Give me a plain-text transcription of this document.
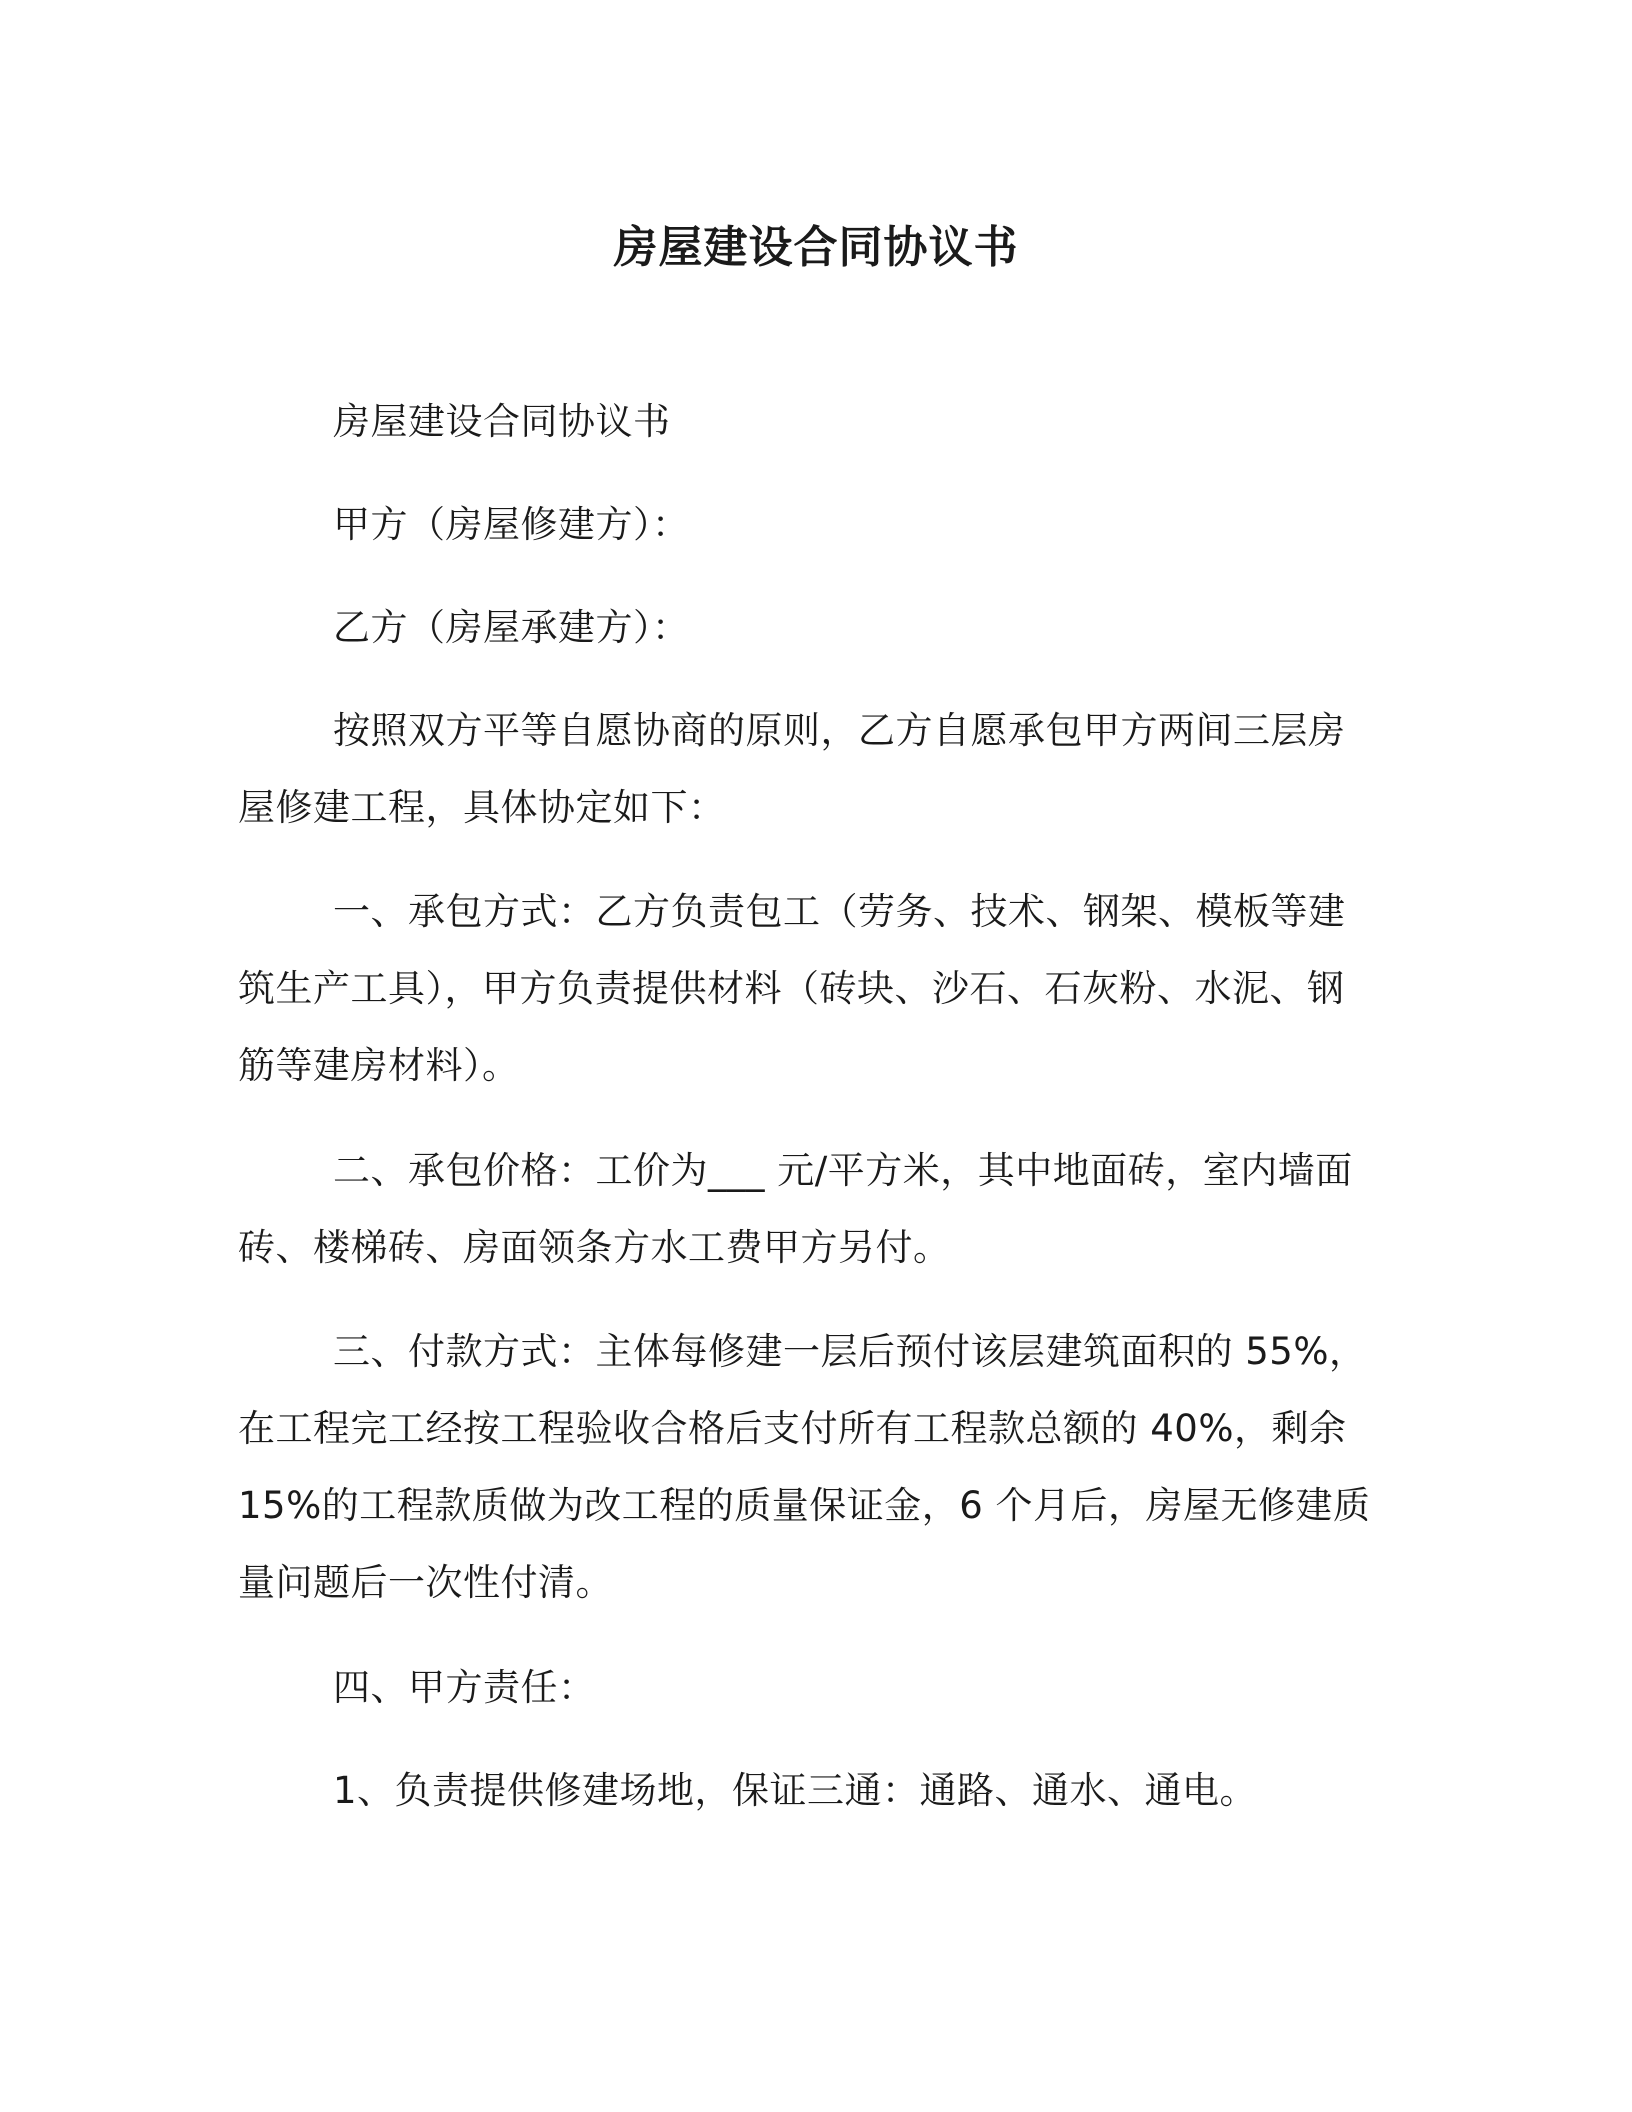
房屋建设合同协议书

房屋建设合同协议书

甲方（房屋修建方）：

乙方（房屋承建方）：

按照双方平等自愿协商的原则，乙方自愿承包甲方两间三层房屋修建工程，具体协定如下：

一、承包方式：乙方负责包工（劳务、技术、钢架、模板等建筑生产工具），甲方负责提供材料（砖块、沙石、石灰粉、水泥、钢筋等建房材料）。

二、承包价格：工价为___ 元/平方米，其中地面砖，室内墙面砖、楼梯砖、房面领条方水工费甲方另付。

三、付款方式：主体每修建一层后预付该层建筑面积的 55%，在工程完工经按工程验收合格后支付所有工程款总额的 40%，剩余 15%的工程款质做为改工程的质量保证金，6 个月后，房屋无修建质量问题后一次性付清。

四、甲方责任：

1、负责提供修建场地，保证三通：通路、通水、通电。
